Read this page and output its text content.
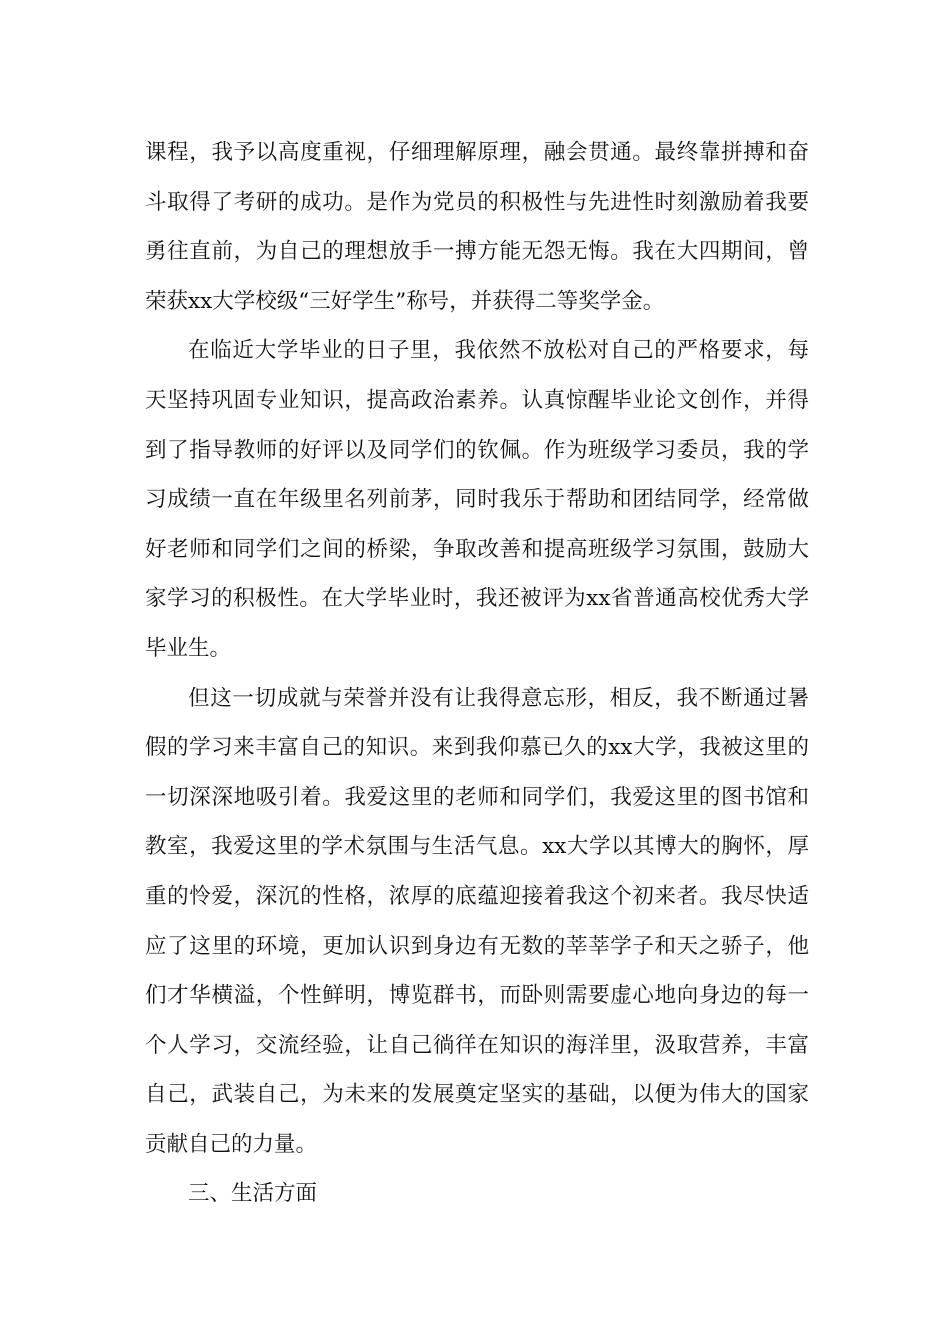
课程，我予以高度重视，仔细理解原理，融会贯通。最终靠拼搏和奋斗取得了考研的成功。是作为党员的积极性与先进性时刻激励着我要勇往直前，为自己的理想放手一搏方能无怨无悔。我在大四期间，曾荣获xx大学校级“三好学生”称号，并获得二等奖学金。

在临近大学毕业的日子里，我依然不放松对自己的严格要求，每天坚持巩固专业知识，提高政治素养。认真惊醒毕业论文创作，并得到了指导教师的好评以及同学们的钦佩。作为班级学习委员，我的学习成绩一直在年级里名列前茅，同时我乐于帮助和团结同学，经常做好老师和同学们之间的桥梁，争取改善和提高班级学习氛围，鼓励大家学习的积极性。在大学毕业时，我还被评为xx省普通高校优秀大学毕业生。

但这一切成就与荣誉并没有让我得意忘形，相反，我不断通过暑假的学习来丰富自己的知识。来到我仰慕已久的xx大学，我被这里的一切深深地吸引着。我爱这里的老师和同学们，我爱这里的图书馆和教室，我爱这里的学术氛围与生活气息。xx大学以其博大的胸怀，厚重的怜爱，深沉的性格，浓厚的底蕴迎接着我这个初来者。我尽快适应了这里的环境，更加认识到身边有无数的莘莘学子和天之骄子，他们才华横溢，个性鲜明，博览群书，而卧则需要虚心地向身边的每一个人学习，交流经验，让自己徜徉在知识的海洋里，汲取营养，丰富自己，武装自己，为未来的发展奠定坚实的基础，以便为伟大的国家贡献自己的力量。

三、生活方面
